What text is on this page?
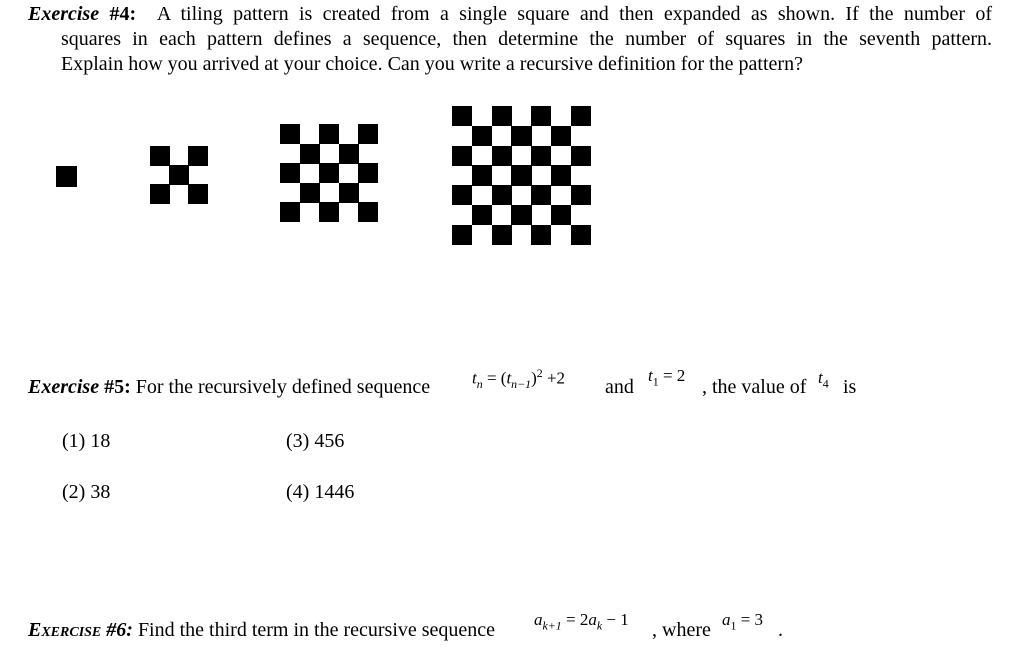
Exercise #4: A tiling pattern is created from a single square and then expanded as shown. If the number of
squares in each pattern defines a sequence, then determine the number of squares in the seventh pattern.
Explain how you arrived at your choice. Can you write a recursive definition for the pattern?
Exercise #5: For the recursively defined sequence $t_n = (t_{n-1})^2 +2$ and
$t_1 = 2$
, the value of $t_4$ is
(1) 18	(3) 456
(2) 38	(4) 1446
Exercise #6: Find the third term in the recursive sequence $a_{k+1} = 2a_k - 1$ , where $a_1 = 3$ .
